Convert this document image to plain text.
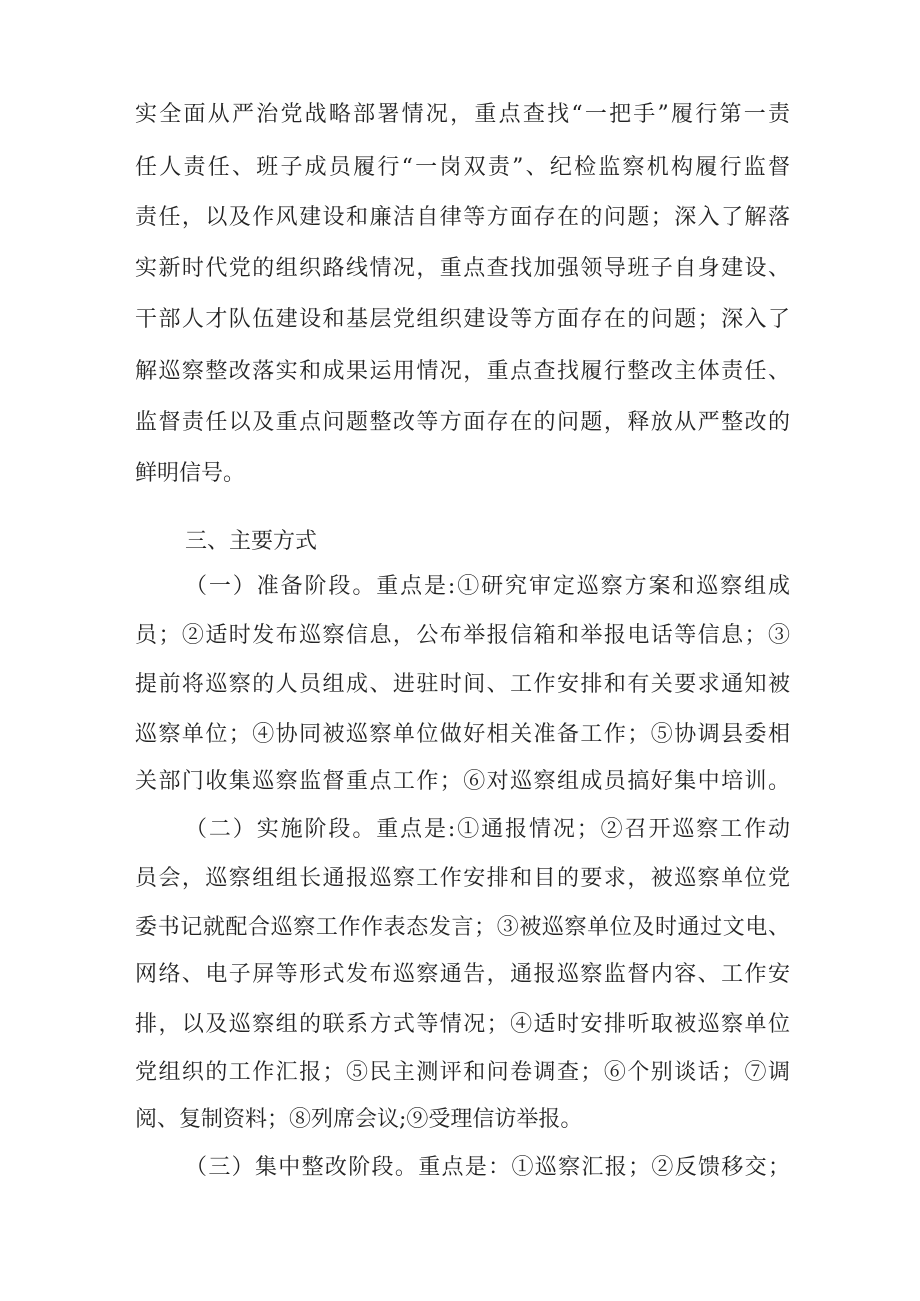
实全面从严治党战略部署情况，重点查找“一把手”履行第一责
任人责任、班子成员履行“一岗双责”、纪检监察机构履行监督
责任，以及作风建设和廉洁自律等方面存在的问题；深入了解落
实新时代党的组织路线情况，重点查找加强领导班子自身建设、
干部人才队伍建设和基层党组织建设等方面存在的问题；深入了
解巡察整改落实和成果运用情况，重点查找履行整改主体责任、
监督责任以及重点问题整改等方面存在的问题，释放从严整改的
鲜明信号。
三、主要方式
（一）准备阶段。重点是:①研究审定巡察方案和巡察组成
员；②适时发布巡察信息，公布举报信箱和举报电话等信息；③
提前将巡察的人员组成、进驻时间、工作安排和有关要求通知被
巡察单位；④协同被巡察单位做好相关准备工作；⑤协调县委相
关部门收集巡察监督重点工作；⑥对巡察组成员搞好集中培训。
（二）实施阶段。重点是:①通报情况；②召开巡察工作动
员会，巡察组组长通报巡察工作安排和目的要求，被巡察单位党
委书记就配合巡察工作作表态发言；③被巡察单位及时通过文电、
网络、电子屏等形式发布巡察通告，通报巡察监督内容、工作安
排，以及巡察组的联系方式等情况；④适时安排听取被巡察单位
党组织的工作汇报；⑤民主测评和问卷调查；⑥个别谈话；⑦调
阅、复制资料；⑧列席会议;⑨受理信访举报。
（三）集中整改阶段。重点是：①巡察汇报；②反馈移交；
